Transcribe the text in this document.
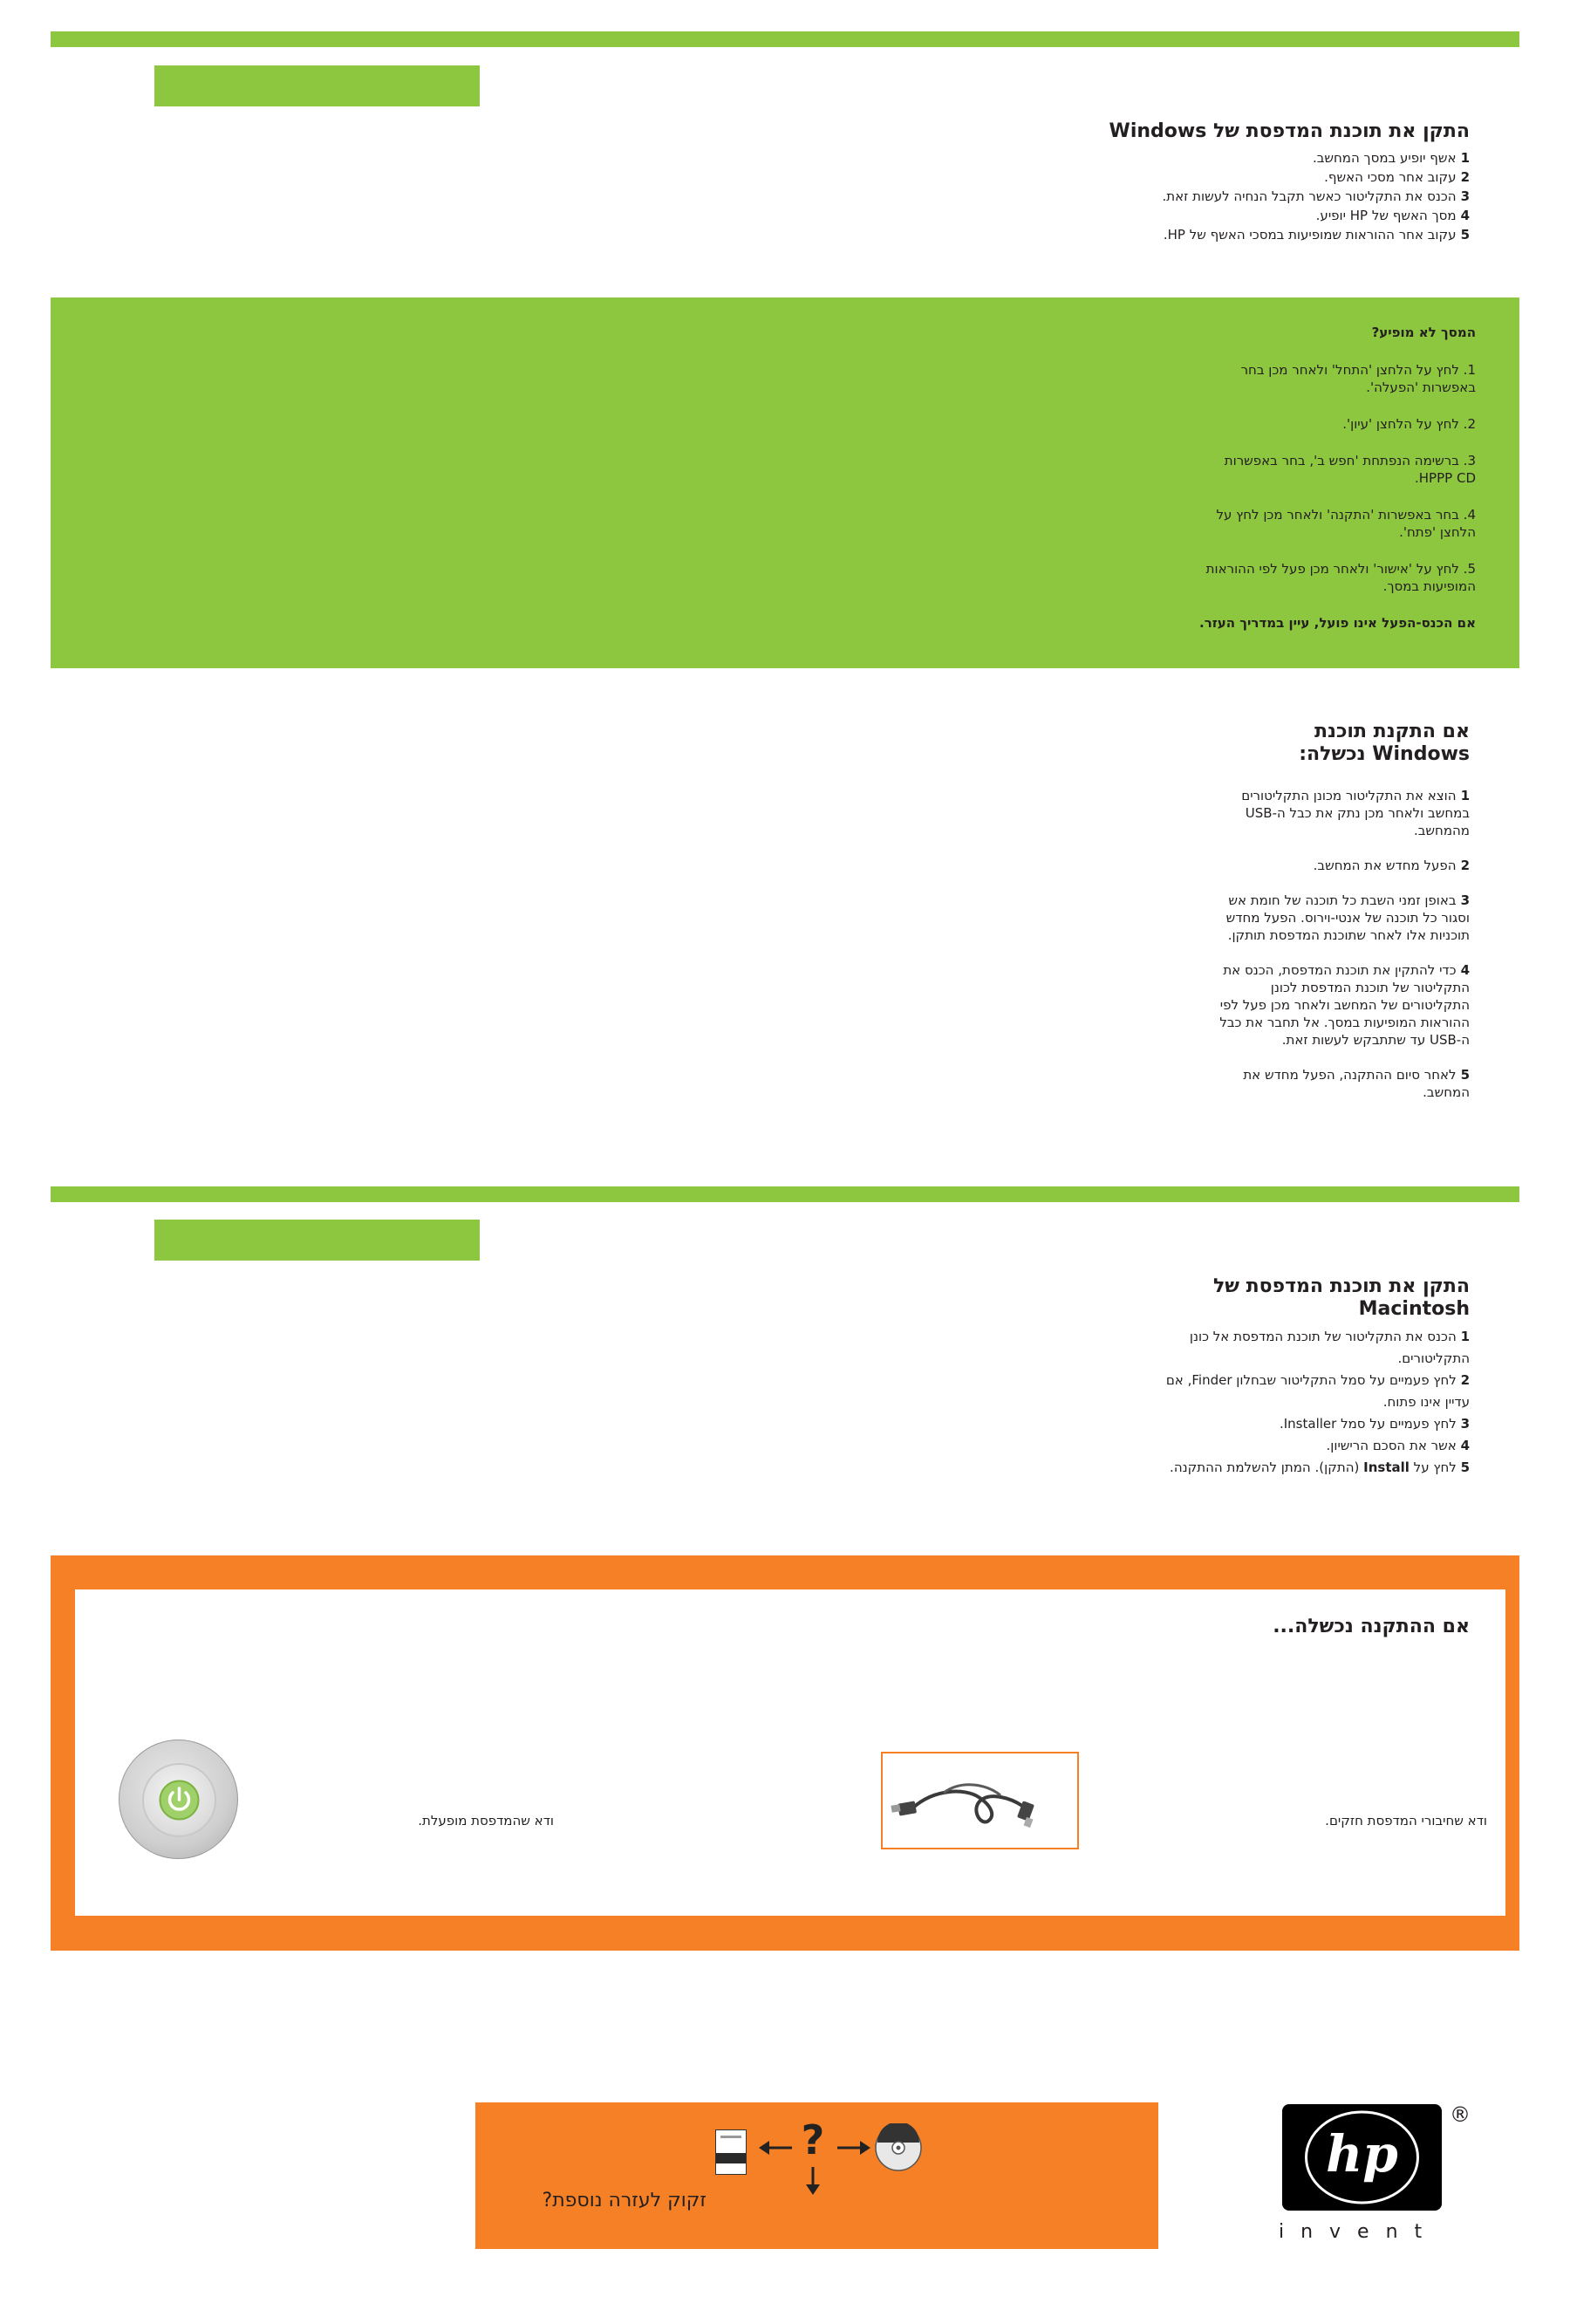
התקן את תוכנת המדפסת של Windows
1אשף יופיע במסך המחשב.
2עקוב אחר מסכי האשף.
3הכנס את התקליטור כאשר תקבל הנחיה לעשות זאת.
4מסך האשף של HP יופיע.
5עקוב אחר ההוראות שמופיעות במסכי האשף של HP.
המסך לא מופיע?
1. לחץ על הלחצן 'התחל' ולאחר מכן בחר באפשרות 'הפעלה'.
2. לחץ על הלחצן 'עיון'.
3. ברשימה הנפתחת 'חפש ב', בחר באפשרות HPPP CD.
4. בחר באפשרות 'התקנה' ולאחר מכן לחץ על הלחצן 'פתח'.
5. לחץ על 'אישור' ולאחר מכן פעל לפי ההוראות המופיעות במסך.
אם הכנס-הפעל אינו פועל, עיין במדריך העזר.
אם התקנת תוכנת Windows נכשלה:
1הוצא את התקליטור מכונן התקליטורים במחשב ולאחר מכן נתק את כבל ה-USB מהמחשב.
2הפעל מחדש את המחשב.
3באופן זמני השבת כל תוכנה של חומת אש וסגור כל תוכנה של אנטי-וירוס. הפעל מחדש תוכניות אלו לאחר שתוכנת המדפסת תותקן.
4כדי להתקין את תוכנת המדפסת, הכנס את התקליטור של תוכנת המדפסת לכונן התקליטורים של המחשב ולאחר מכן פעל לפי ההוראות המופיעות במסך. אל תחבר את כבל ה-USB עד שתתבקש לעשות זאת.
5לאחר סיום ההתקנה, הפעל מחדש את המחשב.
התקן את תוכנת המדפסת של
Macintosh
1 הכנס את התקליטור של תוכנת המדפסת אל כונן התקליטורים.
2 לחץ פעמיים על סמל התקליטור שבחלון Finder, אם עדיין אינו פתוח.
3 לחץ פעמיים על סמל Installer.
4 אשר את הסכם הרישיון.
5 לחץ על Install (התקן). המתן להשלמת ההתקנה.
אם ההתקנה נכשלה...
ודא שחיבורי המדפסת חזקים.
ודא שהמדפסת מופעלת.
?
זקוק לעזרה נוספת?
hp
®
i n v e n t
